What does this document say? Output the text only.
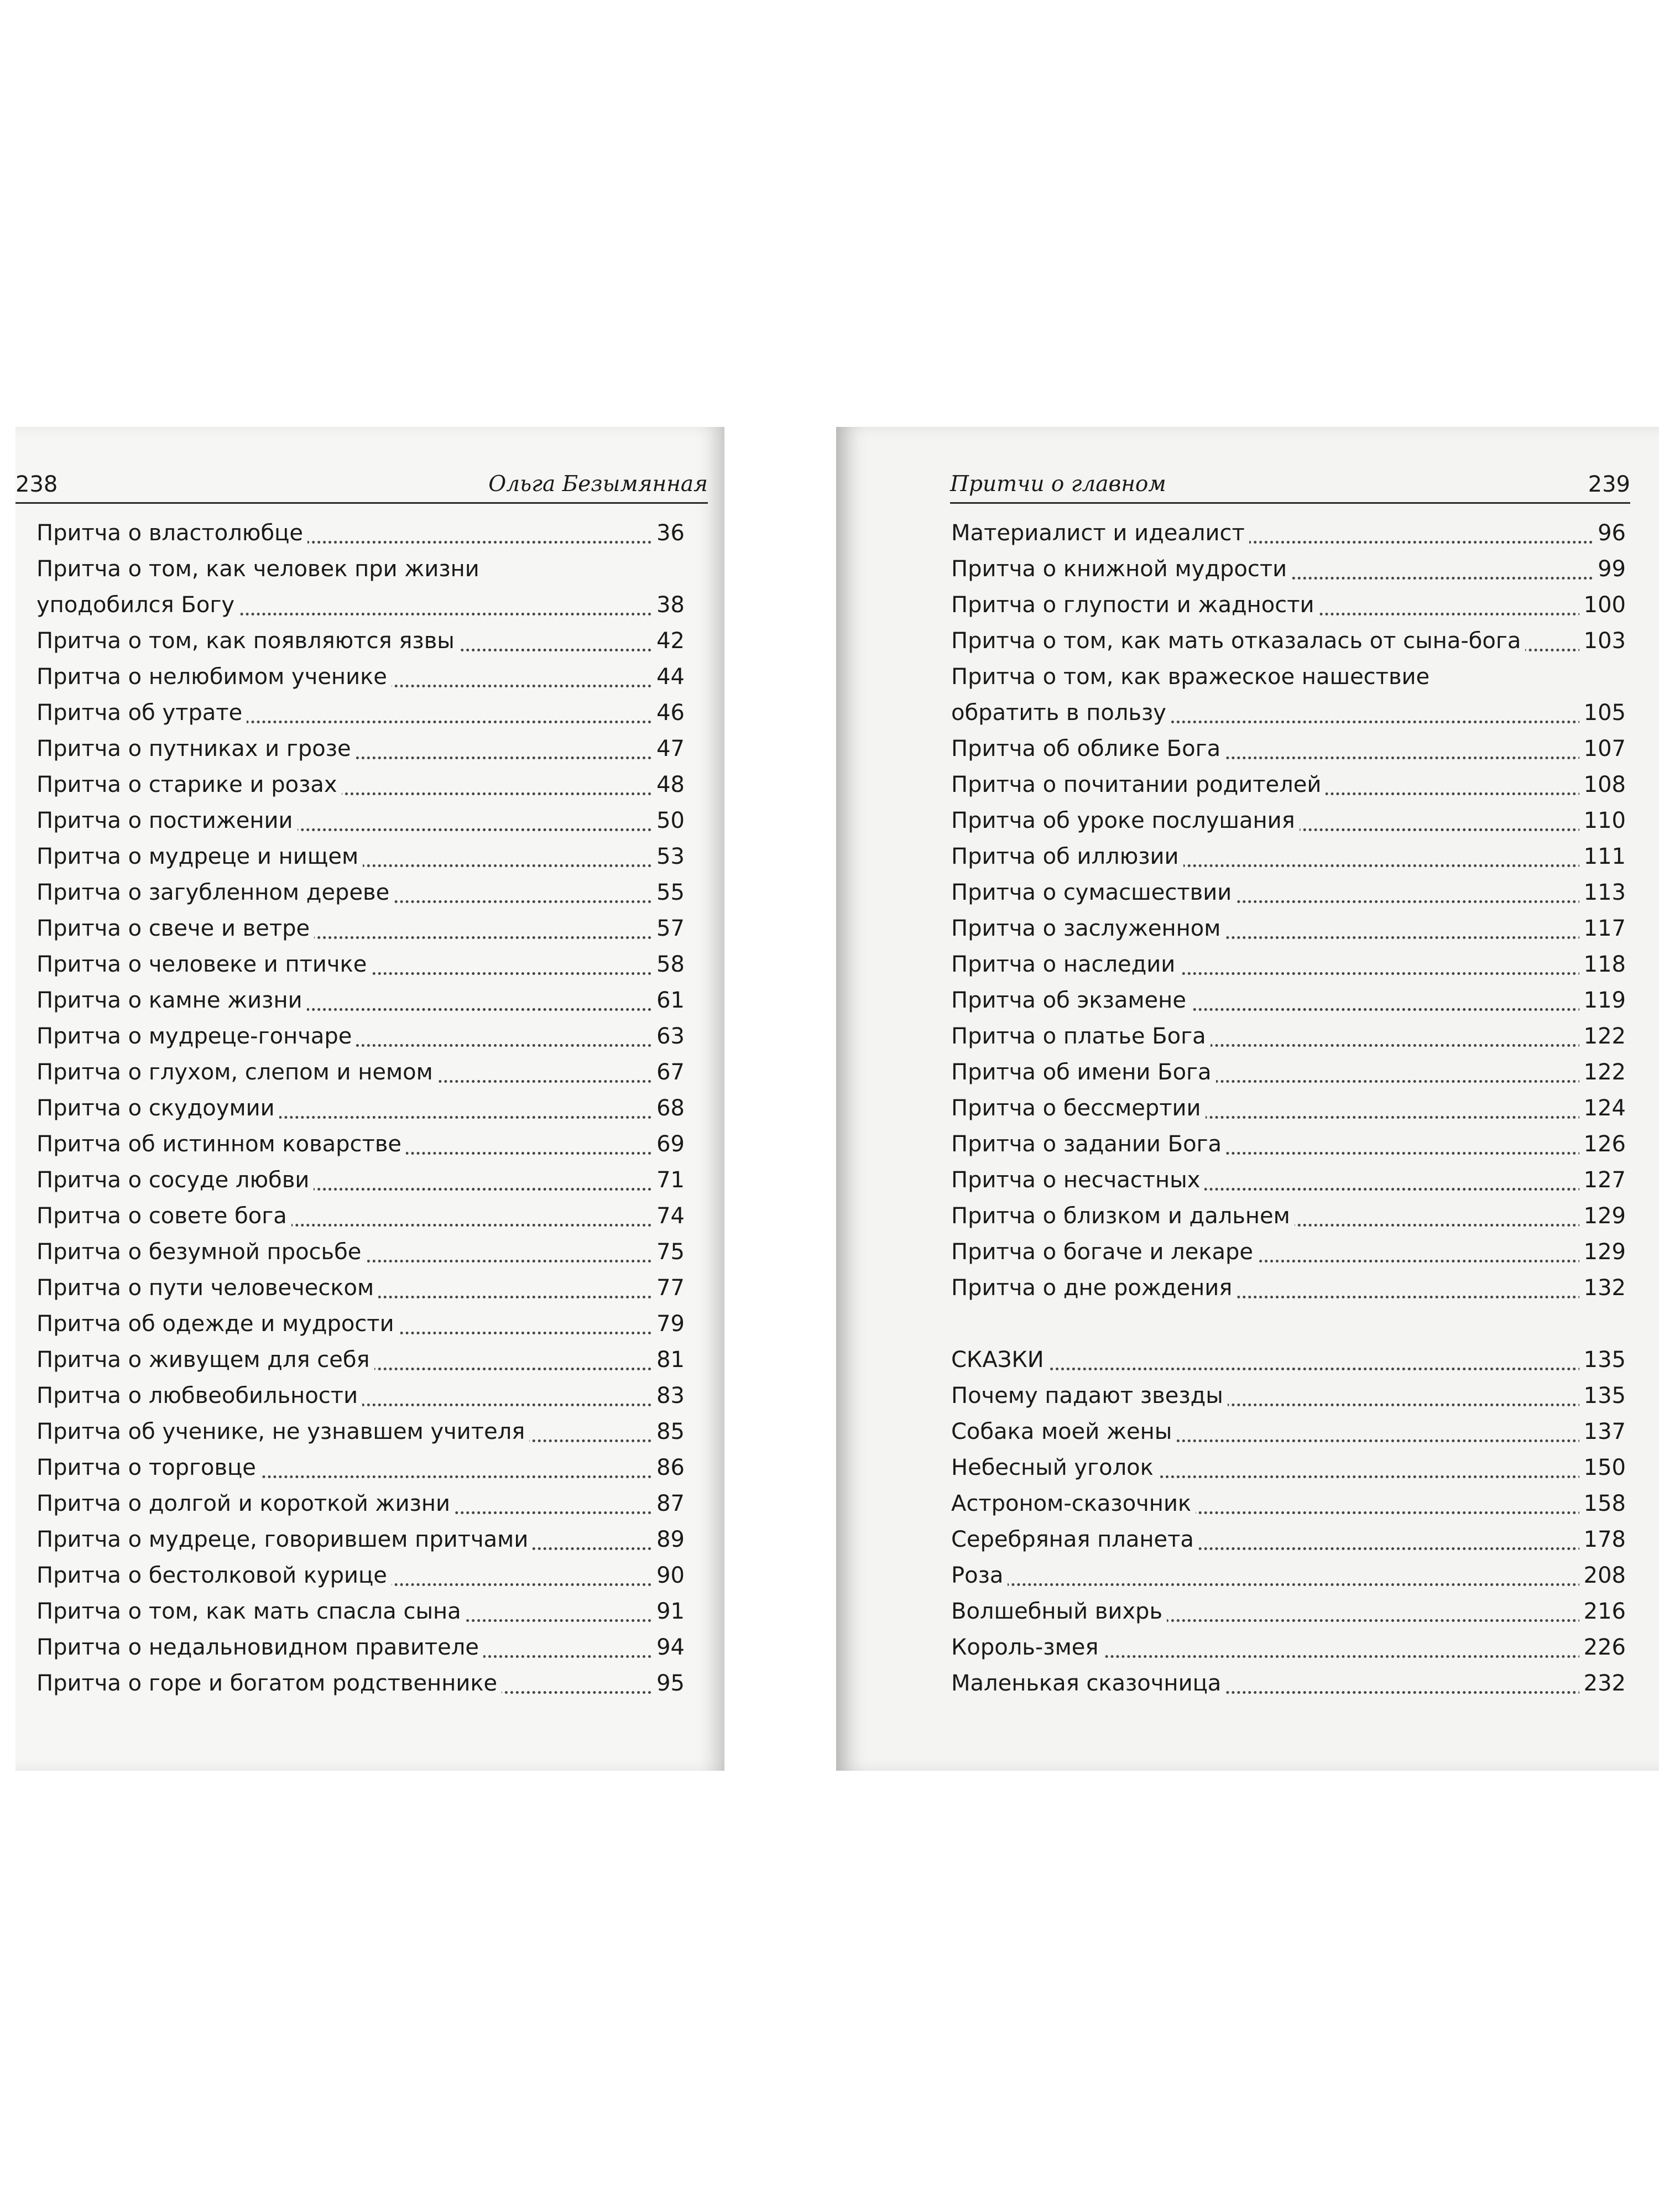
238	Ольга Безымянная
Притча о властолюбце	36
Притча о том, как человек при жизни
уподобился Богу	38
Притча о том, как появляются язвы	42
Притча о нелюбимом ученике	44
Притча об утрате	46
Притча о путниках и грозе	47
Притча о старике и розах	48
Притча о постижении	50
Притча о мудреце и нищем	53
Притча о загубленном дереве	55
Притча о свече и ветре	57
Притча о человеке и птичке	58
Притча о камне жизни	61
Притча о мудреце-гончаре	63
Притча о глухом, слепом и немом	67
Притча о скудоумии	68
Притча об истинном коварстве	69
Притча о сосуде любви	71
Притча о совете бога	74
Притча о безумной просьбе	75
Притча о пути человеческом	77
Притча об одежде и мудрости	79
Притча о живущем для себя	81
Притча о любвеобильности	83
Притча об ученике, не узнавшем учителя	85
Притча о торговце	86
Притча о долгой и короткой жизни	87
Притча о мудреце, говорившем притчами	89
Притча о бестолковой курице	90
Притча о том, как мать спасла сына	91
Притча о недальновидном правителе	94
Притча о горе и богатом родственнике	95
Притчи о главном	239
Материалист и идеалист	96
Притча о книжной мудрости	99
Притча о глупости и жадности	100
Притча о том, как мать отказалась от сына-бога	103
Притча о том, как вражеское нашествие
обратить в пользу	105
Притча об облике Бога	107
Притча о почитании родителей	108
Притча об уроке послушания	110
Притча об иллюзии	111
Притча о сумасшествии	113
Притча о заслуженном	117
Притча о наследии	118
Притча об экзамене	119
Притча о платье Бога	122
Притча об имени Бога	122
Притча о бессмертии	124
Притча о задании Бога	126
Притча о несчастных	127
Притча о близком и дальнем	129
Притча о богаче и лекаре	129
Притча о дне рождения	132
СКАЗКИ	135
Почему падают звезды	135
Собака моей жены	137
Небесный уголок	150
Астроном-сказочник	158
Серебряная планета	178
Роза	208
Волшебный вихрь	216
Король-змея	226
Маленькая сказочница	232
